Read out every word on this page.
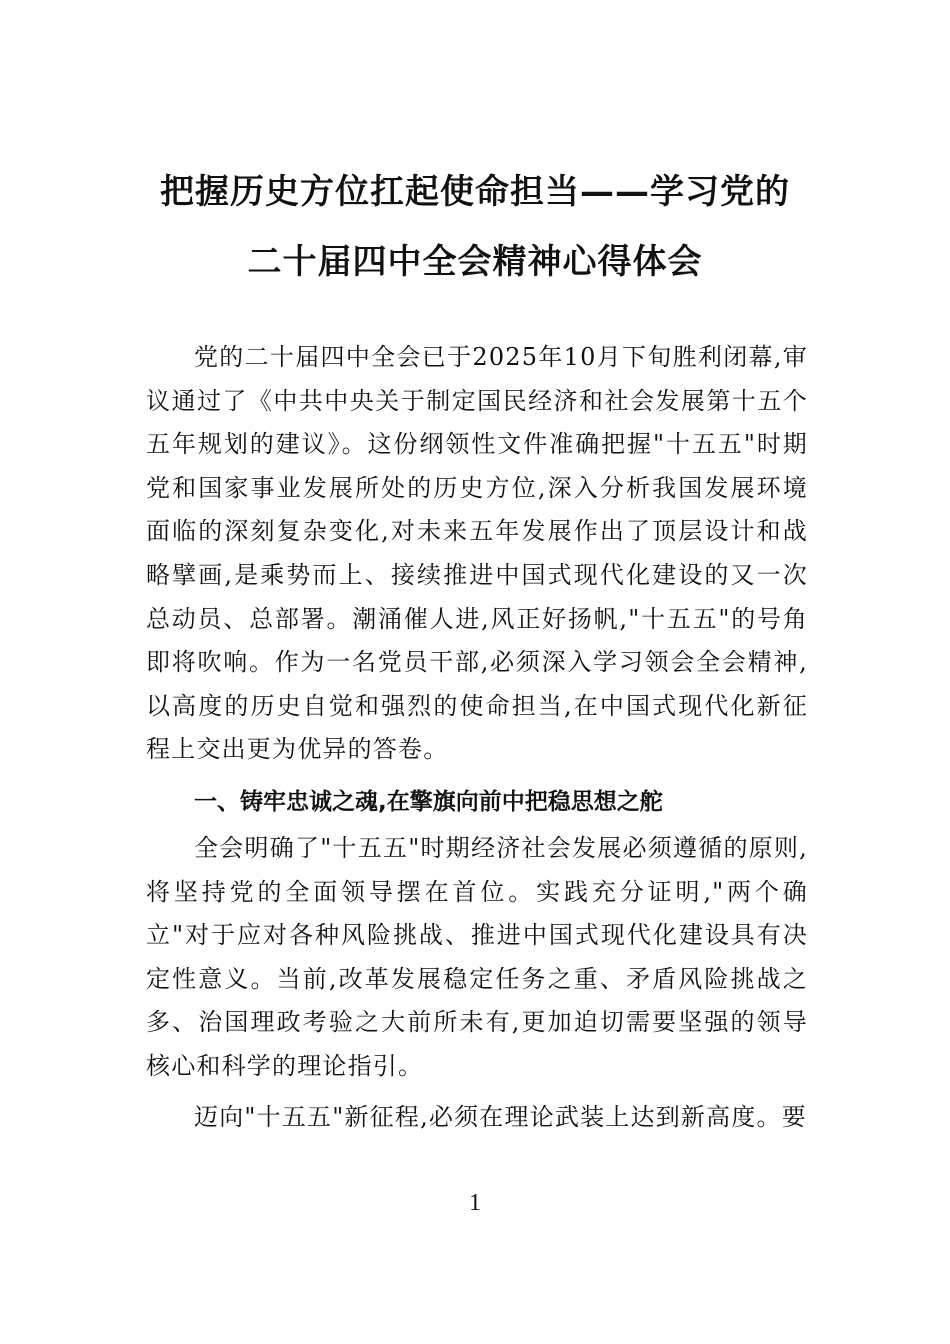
把握历史方位扛起使命担当——学习党的
二十届四中全会精神心得体会

党的二十届四中全会已于2025年10月下旬胜利闭幕,审议通过了《中共中央关于制定国民经济和社会发展第十五个五年规划的建议》。这份纲领性文件准确把握"十五五"时期党和国家事业发展所处的历史方位,深入分析我国发展环境面临的深刻复杂变化,对未来五年发展作出了顶层设计和战略擘画,是乘势而上、接续推进中国式现代化建设的又一次总动员、总部署。潮涌催人进,风正好扬帆,"十五五"的号角即将吹响。作为一名党员干部,必须深入学习领会全会精神,以高度的历史自觉和强烈的使命担当,在中国式现代化新征程上交出更为优异的答卷。

一、铸牢忠诚之魂,在擎旗向前中把稳思想之舵

全会明确了"十五五"时期经济社会发展必须遵循的原则,将坚持党的全面领导摆在首位。实践充分证明,"两个确立"对于应对各种风险挑战、推进中国式现代化建设具有决定性意义。当前,改革发展稳定任务之重、矛盾风险挑战之多、治国理政考验之大前所未有,更加迫切需要坚强的领导核心和科学的理论指引。

迈向"十五五"新征程,必须在理论武装上达到新高度。要

1
